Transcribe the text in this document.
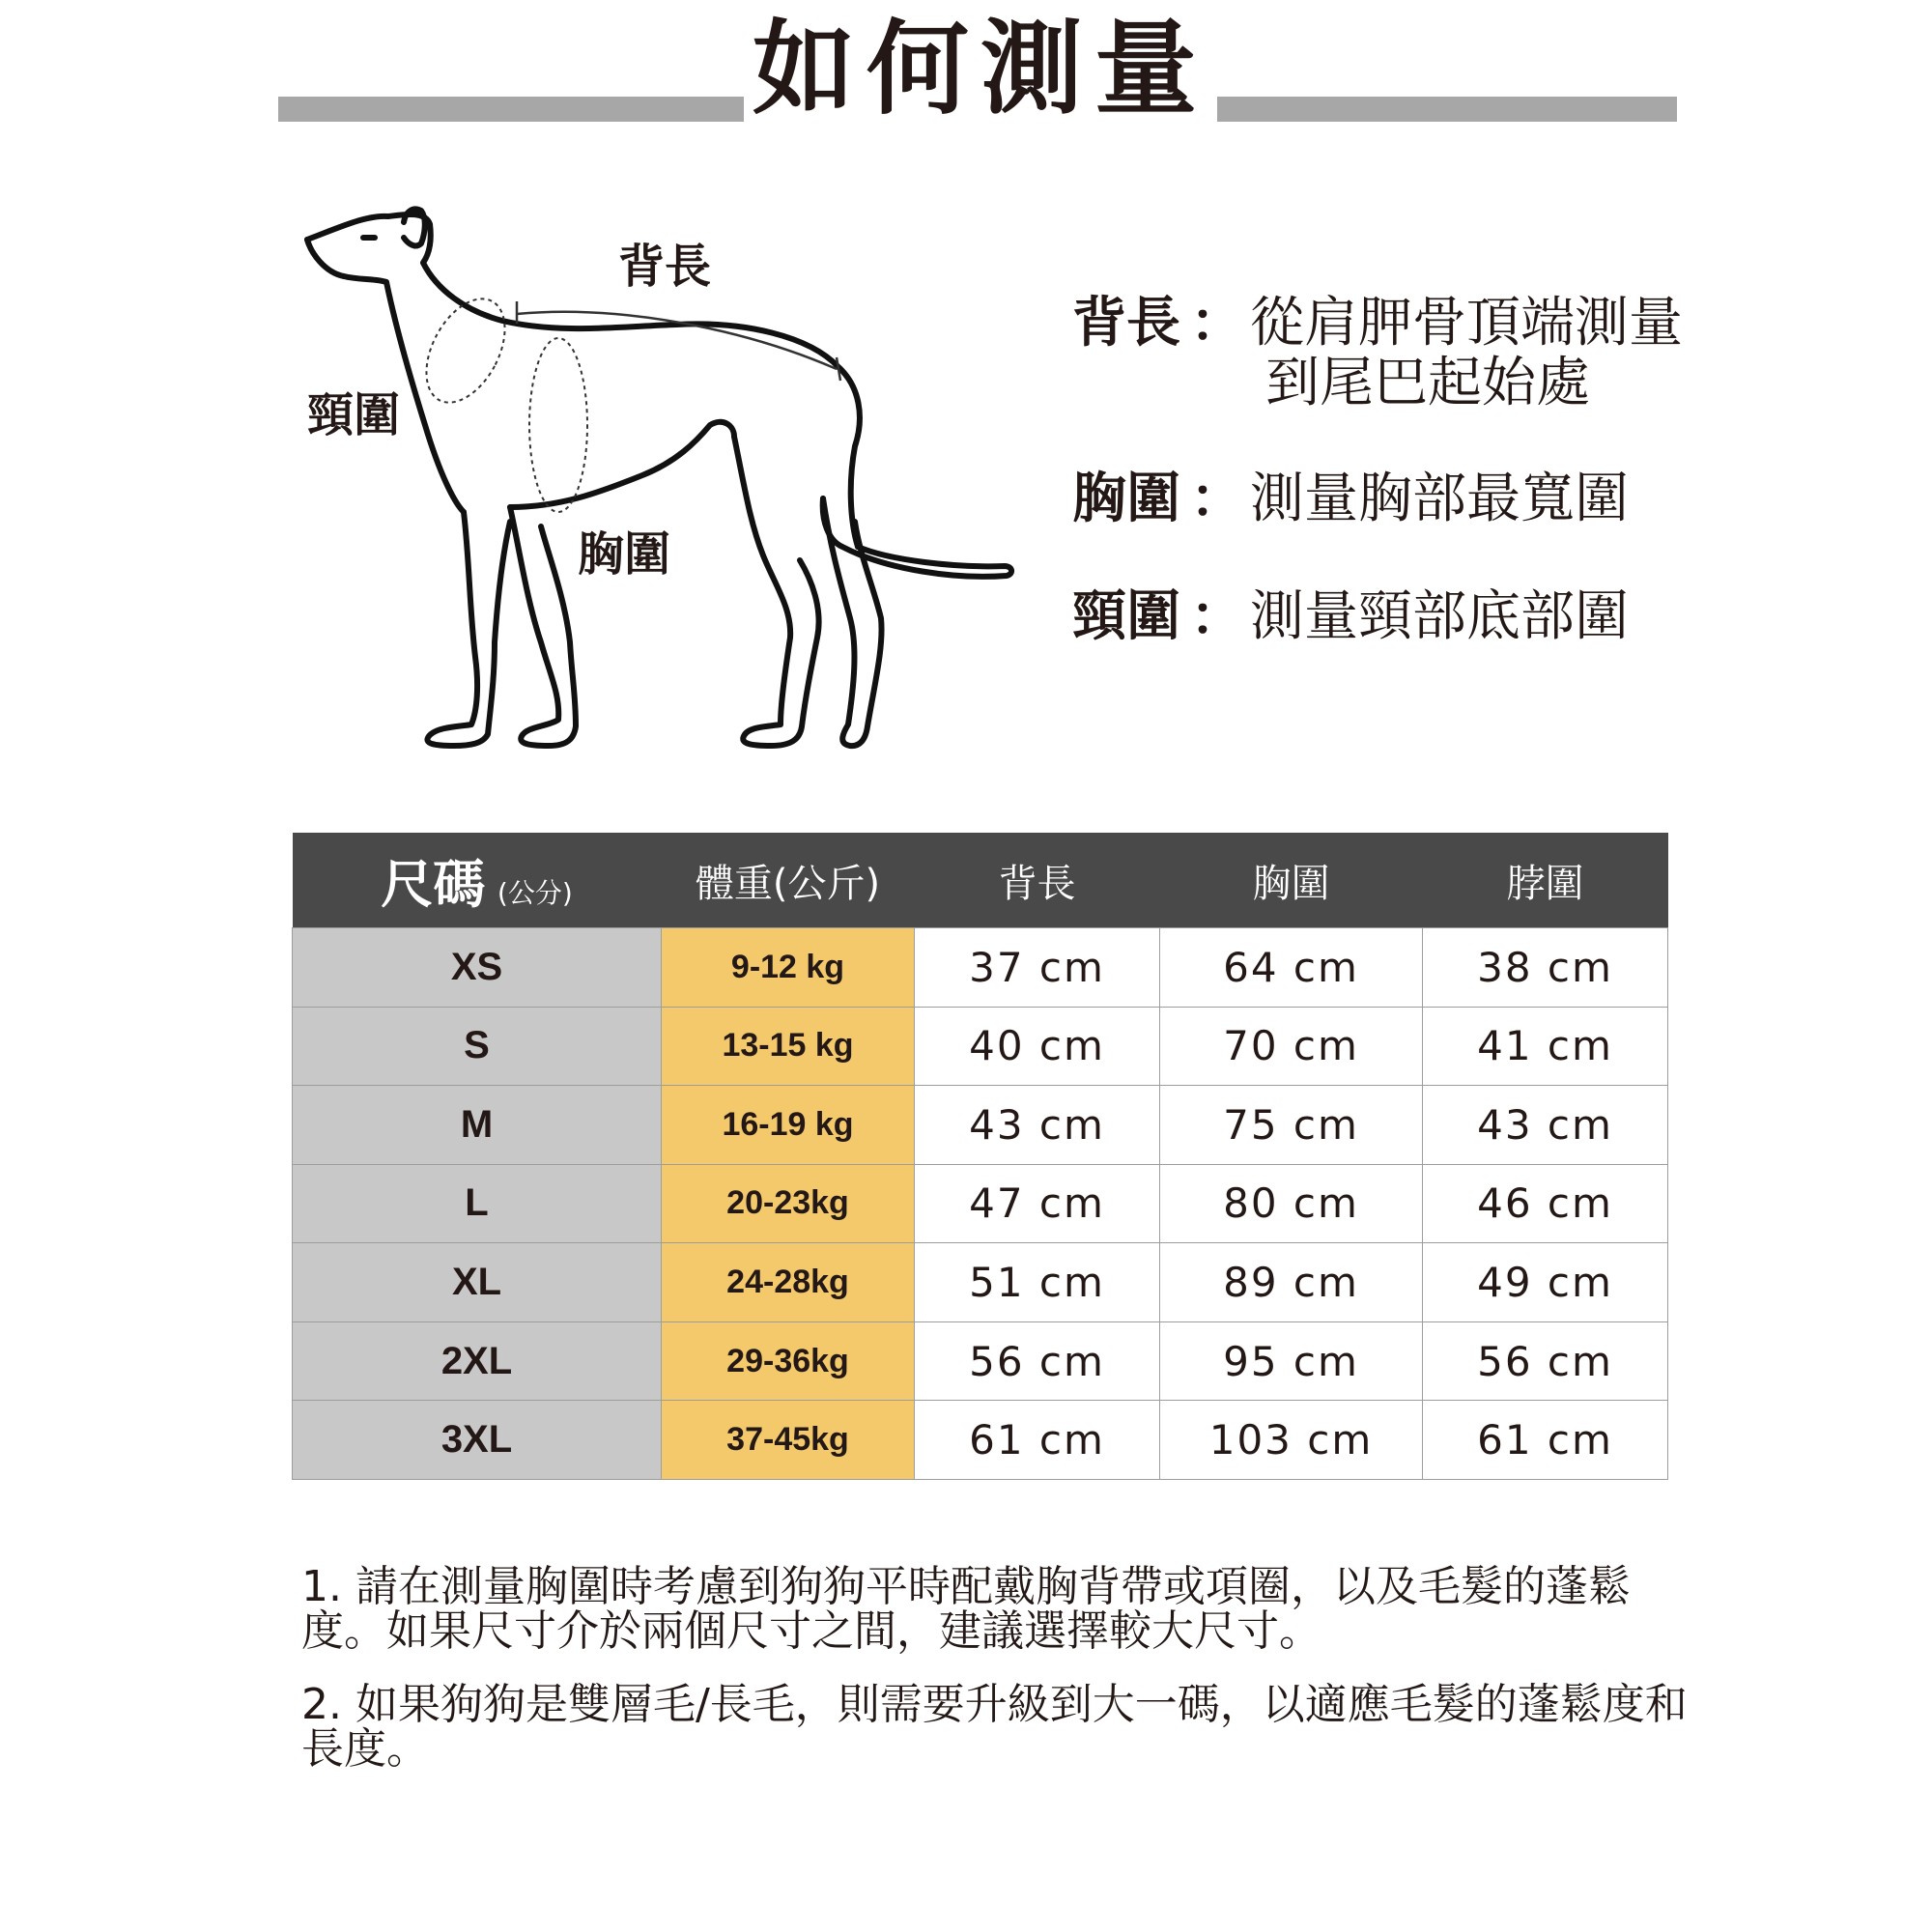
如何測量
背長
頸圍
胸圍
背長 ： 從肩胛骨頂端測量
到尾巴起始處
胸圍 ： 測量胸部最寬圍
頸圍 ： 測量頸部底部圍
尺碼 (公分)	體重(公斤)	背長	胸圍	脖圍
XS	9-12 kg	37 cm	64 cm	38 cm
S	13-15 kg	40 cm	70 cm	41 cm
M	16-19 kg	43 cm	75 cm	43 cm
L	20-23kg	47 cm	80 cm	46 cm
XL	24-28kg	51 cm	89 cm	49 cm
2XL	29-36kg	56 cm	95 cm	56 cm
3XL	37-45kg	61 cm	103 cm	61 cm

1. 請在測量胸圍時考慮到狗狗平時配戴胸背帶或項圈，以及毛髮的蓬鬆度。如果尺寸介於兩個尺寸之間，建議選擇較大尺寸。

2. 如果狗狗是雙層毛/長毛，則需要升級到大一碼，以適應毛髮的蓬鬆度和長度。
